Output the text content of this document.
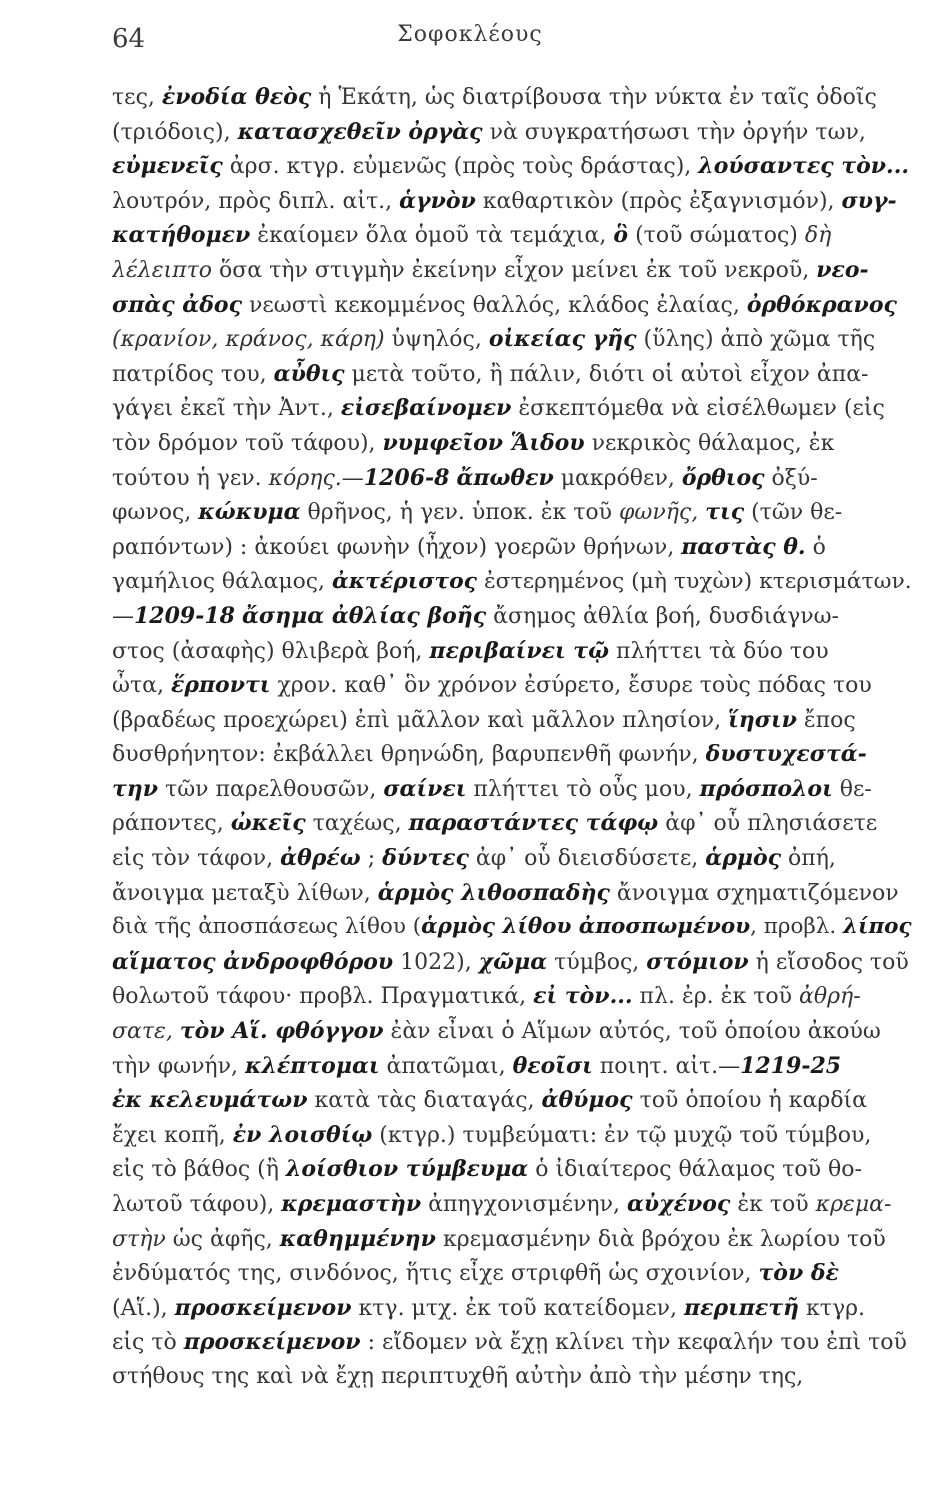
64	Σοφοκλέους
τες, ἐνοδία θεὸς ἡ Ἑκάτη, ὡς διατρίβουσα τὴν νύκτα ἐν ταῖς ὁδοῖς
(τριόδοις), κατασχεθεῖν ὀργὰς νὰ συγκρατήσωσι τὴν ὀργήν των,
εὐμενεῖς ἀρσ. κτγρ. εὐμενῶς (πρὸς τοὺς δράστας), λούσαντες τὸν...
λουτρόν, πρὸς διπλ. αἰτ., ἁγνὸν καθαρτικὸν (πρὸς ἐξαγνισμόν), συγ-
κατήθομεν ἐκαίομεν ὅλα ὁμοῦ τὰ τεμάχια, ὃ (τοῦ σώματος) δὴ
λέλειπτο ὅσα τὴν στιγμὴν ἐκείνην εἶχον μείνει ἐκ τοῦ νεκροῦ, νεο-
σπὰς ἀδος νεωστὶ κεκομμένος θαλλός, κλάδος ἐλαίας, ὀρθόκρανος
(κρανίον, κράνος, κάρη) ὑψηλός, οἰκείας γῆς (ὕλης) ἀπὸ χῶμα τῆς
πατρίδος του, αὖθις μετὰ τοῦτο, ἢ πάλιν, διότι οἱ αὐτοὶ εἶχον ἀπα-
γάγει ἐκεῖ τὴν Ἀντ., εἰσεβαίνομεν ἐσκεπτόμεθα νὰ εἰσέλθωμεν (εἰς
τὸν δρόμον τοῦ τάφου), νυμφεῖον Ἅιδου νεκρικὸς θάλαμος, ἐκ
τούτου ἡ γεν. κόρης.—1206-8 ἄπωθεν μακρόθεν, ὄρθιος ὀξύ-
φωνος, κώκυμα θρῆνος, ἡ γεν. ὑποκ. ἐκ τοῦ φωνῆς, τις (τῶν θε-
ραπόντων) : ἀκούει φωνὴν (ἦχον) γοερῶν θρήνων, παστὰς θ. ὁ
γαμήλιος θάλαμος, ἀκτέριστος ἐστερημένος (μὴ τυχὼν) κτερισμάτων.
—1209-18 ἄσημα ἀθλίας βοῆς ἄσημος ἀθλία βοή, δυσδιάγνω-
στος (ἀσαφὴς) θλιβερὰ βοή, περιβαίνει τῷ πλήττει τὰ δύο του
ὦτα, ἕρποντι χρον. καθ᾿ ὃν χρόνον ἐσύρετο, ἔσυρε τοὺς πόδας του
(βραδέως προεχώρει) ἐπὶ μᾶλλον καὶ μᾶλλον πλησίον, ἵησιν ἔπος
δυσθρήνητον: ἐκβάλλει θρηνώδη, βαρυπενθῆ φωνήν, δυστυχεστά-
την τῶν παρελθουσῶν, σαίνει πλήττει τὸ οὖς μου, πρόσπολοι θε-
ράποντες, ὠκεῖς ταχέως, παραστάντες τάφῳ ἀφ᾿ οὗ πλησιάσετε
εἰς τὸν τάφον, ἀθρέω ; δύντες ἀφ᾿ οὗ διεισδύσετε, ἁρμὸς ὀπή,
ἄνοιγμα μεταξὺ λίθων, ἁρμὸς λιθοσπαδὴς ἄνοιγμα σχηματιζόμενον
διὰ τῆς ἀποσπάσεως λίθου (ἁρμὸς λίθου ἀποσπωμένου, προβλ. λίπος
αἵματος ἀνδροφθόρου 1022), χῶμα τύμβος, στόμιον ἡ εἴσοδος τοῦ
θολωτοῦ τάφου· προβλ. Πραγματικά, εἰ τὸν... πλ. ἐρ. ἐκ τοῦ ἀθρή-
σατε, τὸν Αἵ. φθόγγον ἐὰν εἶναι ὁ Αἵμων αὐτός, τοῦ ὁποίου ἀκούω
τὴν φωνήν, κλέπτομαι ἀπατῶμαι, θεοῖσι ποιητ. αἰτ.—1219-25
ἐκ κελευμάτων κατὰ τὰς διαταγάς, ἀθύμος τοῦ ὁποίου ἡ καρδία
ἔχει κοπῆ, ἐν λοισθίῳ (κτγρ.) τυμβεύματι: ἐν τῷ μυχῷ τοῦ τύμβου,
εἰς τὸ βάθος (ἢ λοίσθιον τύμβευμα ὁ ἰδιαίτερος θάλαμος τοῦ θο-
λωτοῦ τάφου), κρεμαστὴν ἀπηγχονισμένην, αὐχένος ἐκ τοῦ κρεμα-
στὴν ὡς ἀφῆς, καθημμένην κρεμασμένην διὰ βρόχου ἐκ λωρίου τοῦ
ἐνδύματός της, σινδόνος, ἥτις εἶχε στριφθῆ ὡς σχοινίον, τὸν δὲ
(Αἵ.), προσκείμενον κτγ. μτχ. ἐκ τοῦ κατείδομεν, περιπετῆ κτγρ.
εἰς τὸ προσκείμενον : εἴδομεν νὰ ἔχῃ κλίνει τὴν κεφαλήν του ἐπὶ τοῦ
στήθους της καὶ νὰ ἔχῃ περιπτυχθῆ αὐτὴν ἀπὸ τὴν μέσην της,
